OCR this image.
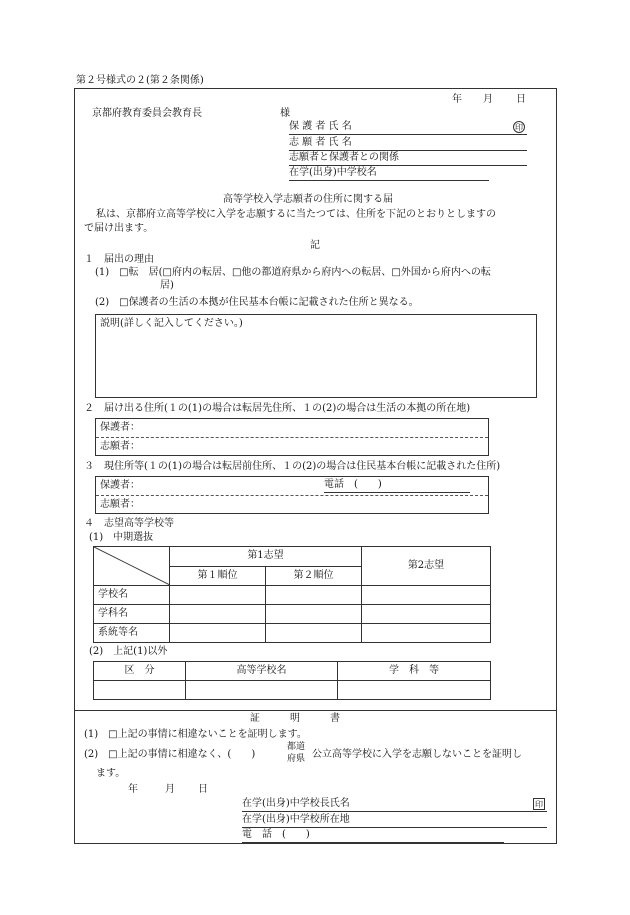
第２号様式の２(第２条関係)
年 月 日
京都府教育委員会教育長	様
保 護 者 氏 名	印
志 願 者 氏 名
志願者と保護者との関係
在学(出身)中学校名
高等学校入学志願者の住所に関する届
私は、京都府立高等学校に入学を志願するに当たつては、住所を下記のとおりとしますの
で届け出ます。
記
１　届出の理由
(1)　□転　居(□府内の転居、□他の都道府県から府内への転居、□外国から府内への転
居)
(2)　□保護者の生活の本拠が住民基本台帳に記載された住所と異なる。
説明(詳しく記入してください。)
２　届け出る住所(１の(1)の場合は転居先住所、１の(2)の場合は生活の本拠の所在地)
保護者：
志願者：
３　現住所等(１の(1)の場合は転居前住所、１の(2)の場合は住民基本台帳に記載された住所)
保護者：	電話　(　　)
志願者：
４　志望高等学校等
(1)　中期選抜
	第1志望		第2志望
	第１順位	第２順位	
学校名			
学科名			
系統等名			
(2)　上記(1)以外
区　分	高等学校名	学　科　等

証　　　明　　　書
(1)　□上記の事情に相違ないことを証明します。
(2)　□上記の事情に相違なく、(　　)
都道
府県 公立高等学校に入学を志願しないことを証明し
ます。
年	月 日
在学(出身)中学校長氏名	印
在学(出身)中学校所在地
電　話　(　　)
